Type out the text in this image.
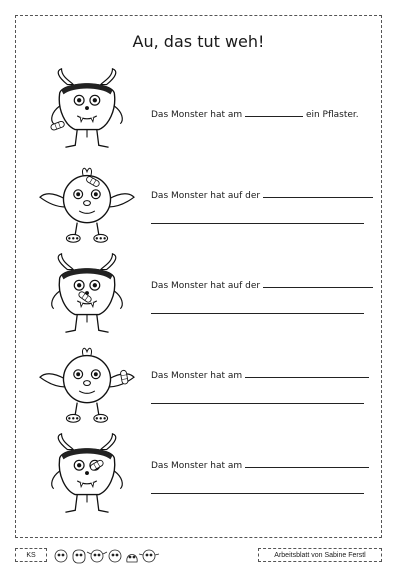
Au, das tut weh!
Das Monster hat am	ein Pflaster.
Das Monster hat auf der
Das Monster hat auf der
Das Monster hat am
Das Monster hat am
KS	Arbeitsblatt von Sabine Ferstl
